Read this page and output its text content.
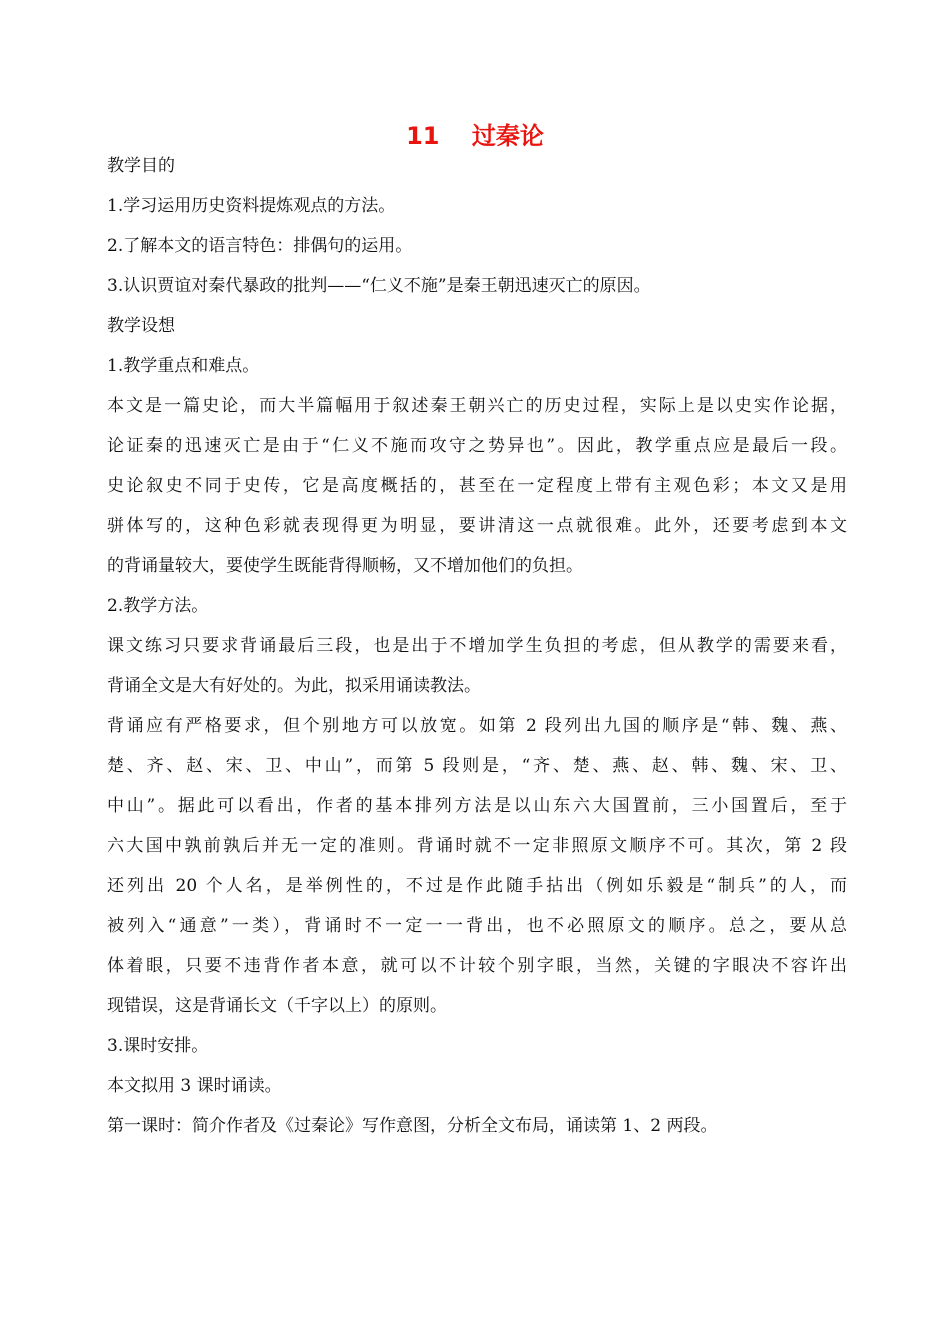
11　 过秦论
教学目的
1.学习运用历史资料提炼观点的方法。
2.了解本文的语言特色：排偶句的运用。
3.认识贾谊对秦代暴政的批判——“仁义不施”是秦王朝迅速灭亡的原因。
教学设想
1.教学重点和难点。
本文是一篇史论，而大半篇幅用于叙述秦王朝兴亡的历史过程，实际上是以史实作论据，
论证秦的迅速灭亡是由于“仁义不施而攻守之势异也”。因此，教学重点应是最后一段。
史论叙史不同于史传，它是高度概括的，甚至在一定程度上带有主观色彩；本文又是用
骈体写的，这种色彩就表现得更为明显，要讲清这一点就很难。此外，还要考虑到本文
的背诵量较大，要使学生既能背得顺畅，又不增加他们的负担。
2.教学方法。
课文练习只要求背诵最后三段，也是出于不增加学生负担的考虑，但从教学的需要来看，
背诵全文是大有好处的。为此，拟采用诵读教法。
背诵应有严格要求，但个别地方可以放宽。如第 2 段列出九国的顺序是“韩、魏、燕、
楚、齐、赵、宋、卫、中山”，而第 5 段则是，“齐、楚、燕、赵、韩、魏、宋、卫、
中山”。据此可以看出，作者的基本排列方法是以山东六大国置前，三小国置后，至于
六大国中孰前孰后并无一定的准则。背诵时就不一定非照原文顺序不可。其次，第 2 段
还列出 20 个人名，是举例性的，不过是作此随手拈出（例如乐毅是“制兵”的人，而
被列入“通意”一类），背诵时不一定一一背出，也不必照原文的顺序。总之，要从总
体着眼，只要不违背作者本意，就可以不计较个别字眼，当然，关键的字眼决不容许出
现错误，这是背诵长文（千字以上）的原则。
3.课时安排。
本文拟用 3 课时诵读。
第一课时：简介作者及《过秦论》写作意图，分析全文布局，诵读第 1、2 两段。
